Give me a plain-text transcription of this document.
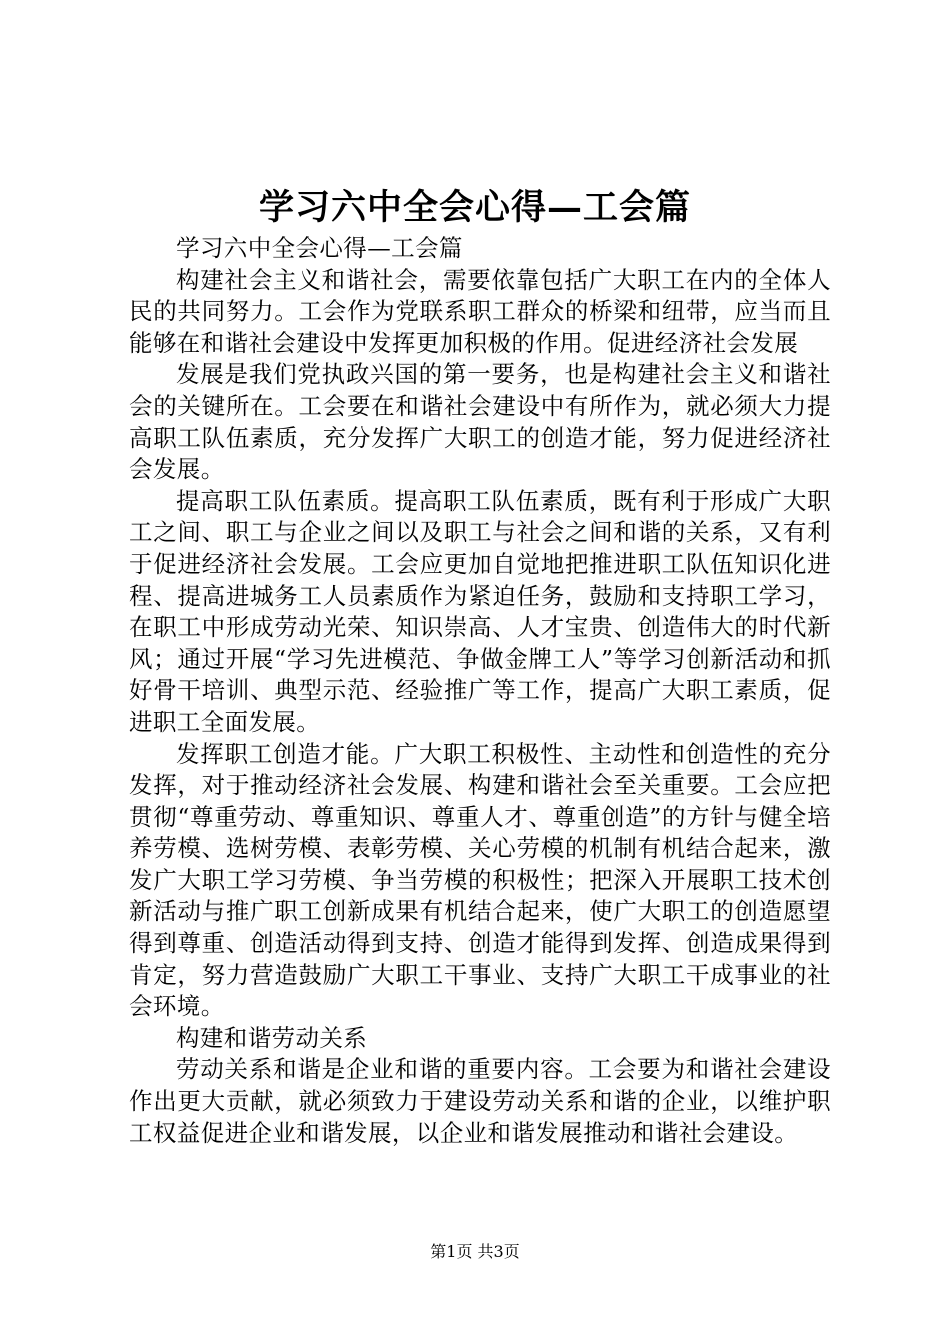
学习六中全会心得—工会篇

学习六中全会心得—工会篇

构建社会主义和谐社会，需要依靠包括广大职工在内的全体人民的共同努力。工会作为党联系职工群众的桥梁和纽带，应当而且能够在和谐社会建设中发挥更加积极的作用。促进经济社会发展

发展是我们党执政兴国的第一要务，也是构建社会主义和谐社会的关键所在。工会要在和谐社会建设中有所作为，就必须大力提高职工队伍素质，充分发挥广大职工的创造才能，努力促进经济社会发展。

提高职工队伍素质。提高职工队伍素质，既有利于形成广大职工之间、职工与企业之间以及职工与社会之间和谐的关系，又有利于促进经济社会发展。工会应更加自觉地把推进职工队伍知识化进程、提高进城务工人员素质作为紧迫任务，鼓励和支持职工学习，在职工中形成劳动光荣、知识崇高、人才宝贵、创造伟大的时代新风；通过开展“学习先进模范、争做金牌工人”等学习创新活动和抓好骨干培训、典型示范、经验推广等工作，提高广大职工素质，促进职工全面发展。

发挥职工创造才能。广大职工积极性、主动性和创造性的充分发挥，对于推动经济社会发展、构建和谐社会至关重要。工会应把贯彻“尊重劳动、尊重知识、尊重人才、尊重创造”的方针与健全培养劳模、选树劳模、表彰劳模、关心劳模的机制有机结合起来，激发广大职工学习劳模、争当劳模的积极性；把深入开展职工技术创新活动与推广职工创新成果有机结合起来，使广大职工的创造愿望得到尊重、创造活动得到支持、创造才能得到发挥、创造成果得到肯定，努力营造鼓励广大职工干事业、支持广大职工干成事业的社会环境。

构建和谐劳动关系

劳动关系和谐是企业和谐的重要内容。工会要为和谐社会建设作出更大贡献，就必须致力于建设劳动关系和谐的企业，以维护职工权益促进企业和谐发展，以企业和谐发展推动和谐社会建设。

第1页 共3页
